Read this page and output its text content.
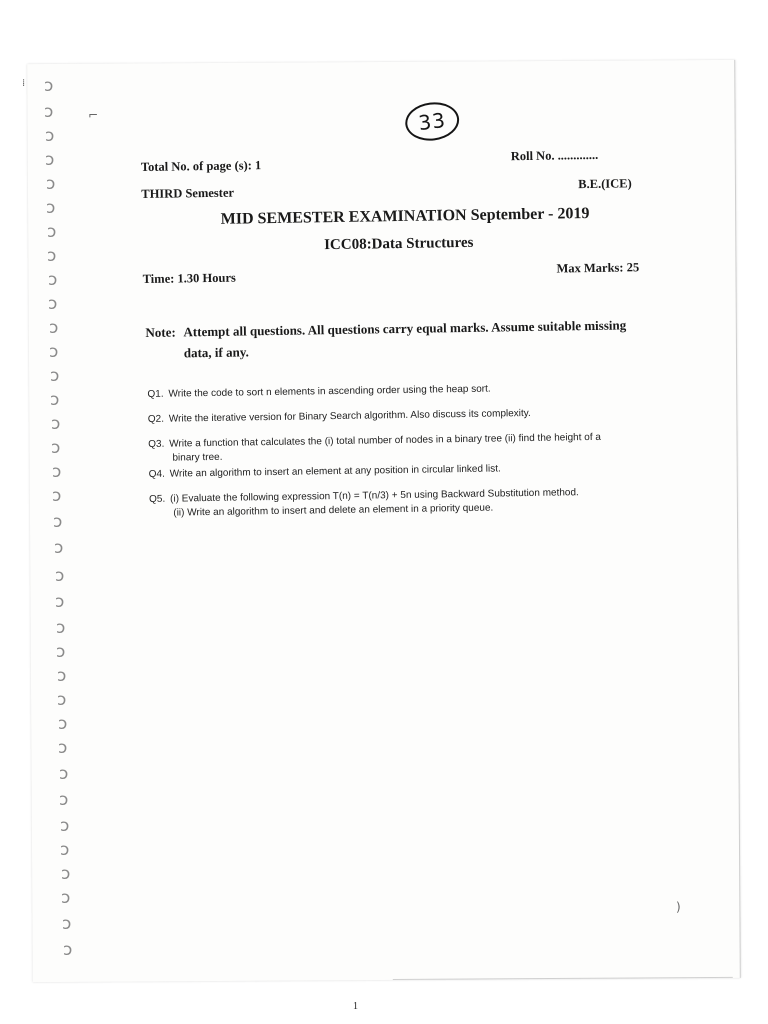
ↄ
ↄ
ↄ
ↄ
ↄ
ↄ
ↄ
ↄ
ↄ
ↄ
ↄ
ↄ
ↄ
ↄ
ↄ
ↄ
ↄ
ↄ
ↄ
ↄ
ↄ
ↄ
ↄ
ↄ
ↄ
ↄ
ↄ
ↄ
ↄ
ↄ
ↄ
ↄ
ↄ
ↄ
ↄ
ↄ
⌐
)
⁞
33
Total No. of page (s): 1
Roll No. .............
THIRD Semester
B.E.(ICE)
MID SEMESTER EXAMINATION September - 2019
ICC08:Data Structures
Time: 1.30 Hours
Max Marks: 25
Note: Attempt all questions. All questions carry equal marks. Assume suitable missing
data, if any.
Q1. Write the code to sort n elements in ascending order using the heap sort.
Q2. Write the iterative version for Binary Search algorithm. Also discuss its complexity.
Q3. Write a function that calculates the (i) total number of nodes in a binary tree (ii) find the height of a
binary tree.
Q4. Write an algorithm to insert an element at any position in circular linked list.
Q5. (i) Evaluate the following expression T(n) = T(n/3) + 5n using Backward Substitution method.
(ii) Write an algorithm to insert and delete an element in a priority queue.
1
